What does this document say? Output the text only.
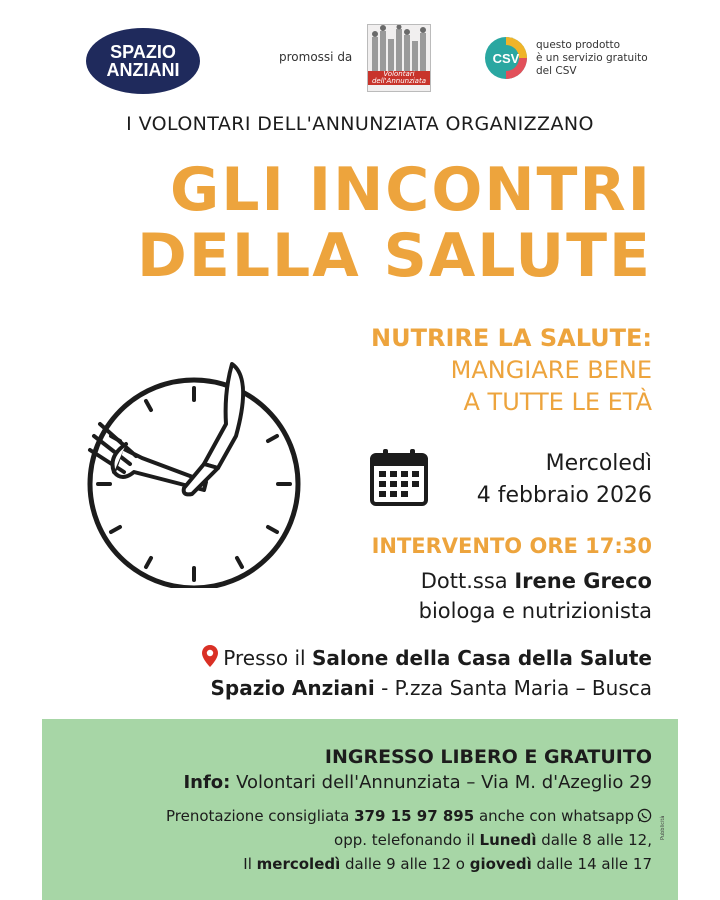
SPAZIO
ANZIANI
promossi da
Volontari dell'Annunziata
CSV
questo prodotto
è un servizio gratuito
del CSV
I VOLONTARI DELL'ANNUNZIATA ORGANIZZANO
GLI INCONTRI
DELLA SALUTE
NUTRIRE LA SALUTE:
MANGIARE BENE
A TUTTE LE ETÀ
Mercoledì
4 febbraio 2026
INTERVENTO ORE 17:30
Dott.ssa Irene Greco
biologa e nutrizionista
Presso il Salone della Casa della Salute
Spazio Anziani - P.zza Santa Maria – Busca
INGRESSO LIBERO E GRATUITO
Info: Volontari dell'Annunziata – Via M. d'Azeglio 29
Prenotazione consigliata 379 15 97 895 anche con whatsapp
opp. telefonando il Lunedì dalle 8 alle 12,
Il mercoledì dalle 9 alle 12 o giovedì dalle 14 alle 17
Pubblicità
